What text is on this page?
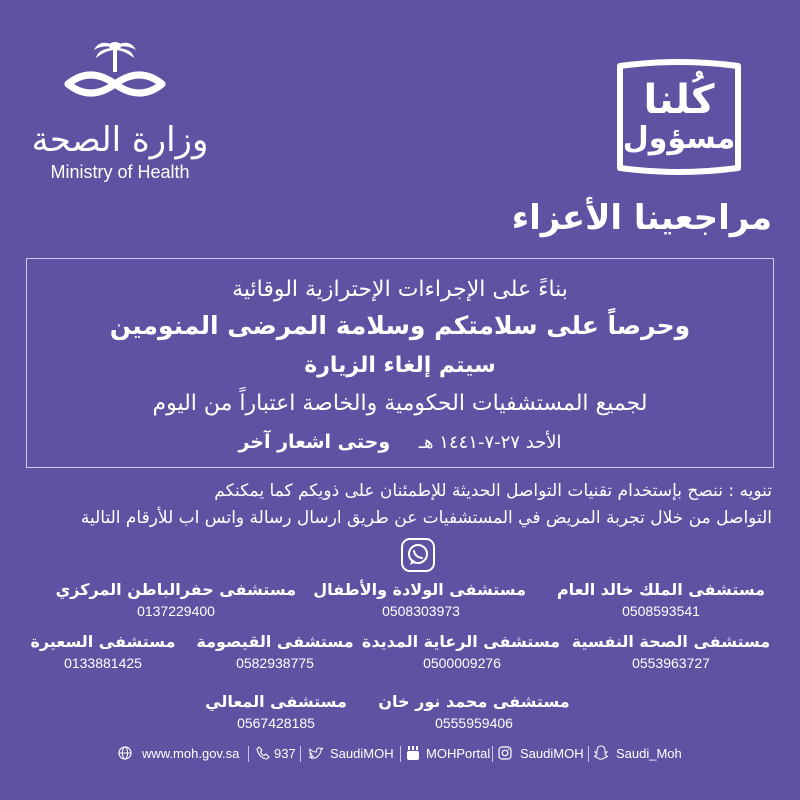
وزارة الصحة
Ministry of Health
كُلنا
مسؤول
مراجعينا الأعزاء
بناءً على الإجراءات الإحترازية الوقائية
وحرصاً على سلامتكم وسلامة المرضى المنومين
سيتم إلغاء الزيارة
لجميع المستشفيات الحكومية والخاصة اعتباراً من اليوم
الأحد ٢٧-٧-١٤٤١ هـ     وحتى اشعار آخر
تنويه : ننصح بإستخدام تقنيات التواصل الحديثة للإطمئنان على ذويكم كما يمكنكم
التواصل من خلال تجربة المريض في المستشفيات عن طريق ارسال رسالة واتس اب للأرقام التالية
مستشفى الملك خالد العام
0508593541
مستشفى الولادة والأطفال
0508303973
مستشفى حفرالباطن المركزي
0137229400
مستشفى الصحة النفسية
0553963727
مستشفى الرعاية المديدة
0500009276
مستشفى القيصومة
0582938775
مستشفى السعيرة
0133881425
مستشفى محمد نور خان
0555959406
مستشفى المعالي
0567428185
www.moh.gov.sa	937	SaudiMOH MOHPortal SaudiMOH Saudi_Moh
